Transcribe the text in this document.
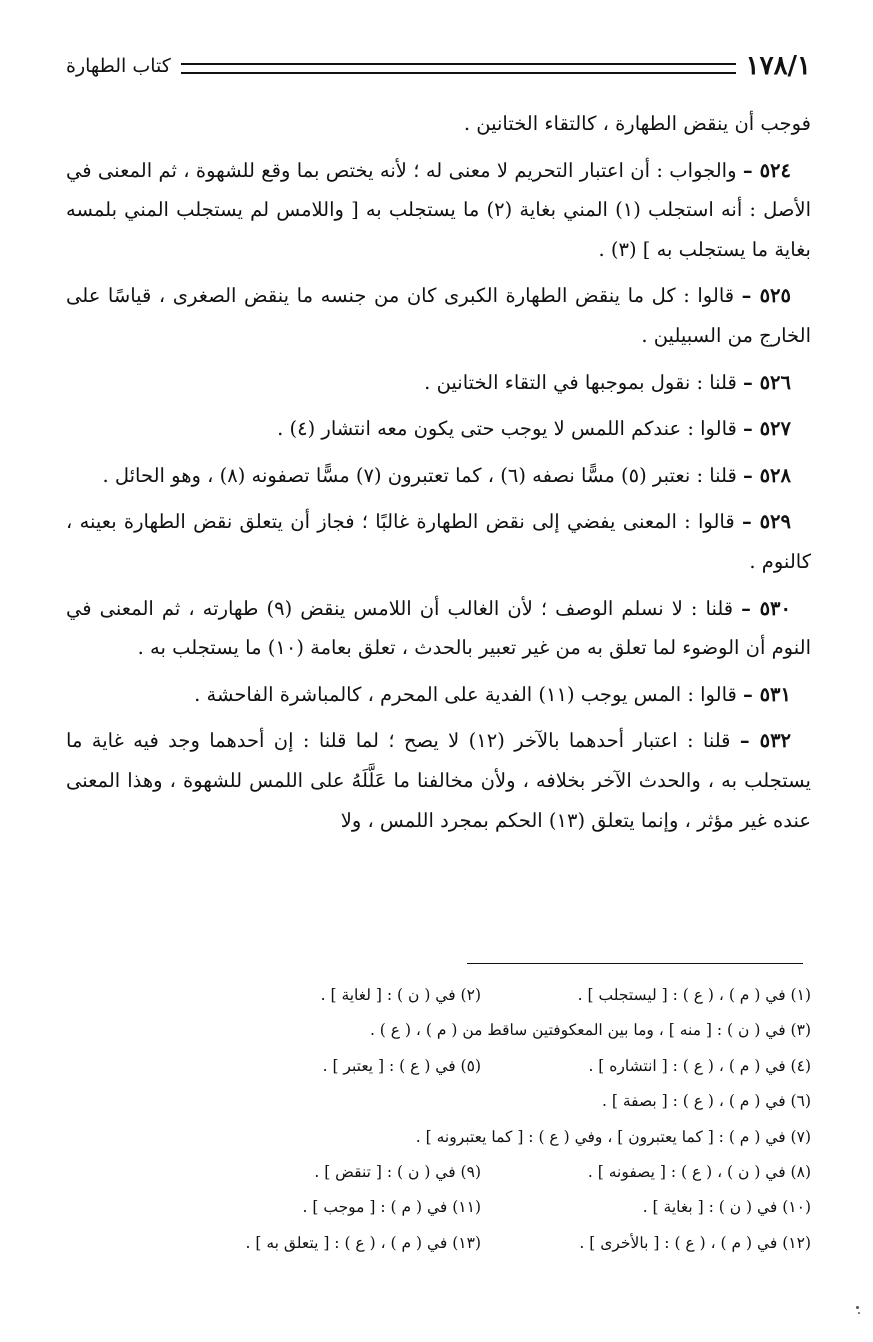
١٧٨/١
كتاب الطهارة

فوجب أن ينقض الطهارة ، كالتقاء الختانين .

٥٢٤ – والجواب : أن اعتبار التحريم لا معنى له ؛ لأنه يختص بما وقع للشهوة ، ثم المعنى في الأصل : أنه استجلب (١) المني بغاية (٢) ما يستجلب به [ واللامس لم يستجلب المني بلمسه بغاية ما يستجلب به ] (٣) .

٥٢٥ – قالوا : كل ما ينقض الطهارة الكبرى كان من جنسه ما ينقض الصغرى ، قياسًا على الخارج من السبيلين .

٥٢٦ – قلنا : نقول بموجبها في التقاء الختانين .

٥٢٧ – قالوا : عندكم اللمس لا يوجب حتى يكون معه انتشار (٤) .

٥٢٨ – قلنا : نعتبر (٥) مسًّا نصفه (٦) ، كما تعتبرون (٧) مسًّا تصفونه (٨) ، وهو الحائل .

٥٢٩ – قالوا : المعنى يفضي إلى نقض الطهارة غالبًا ؛ فجاز أن يتعلق نقض الطهارة بعينه ، كالنوم .

٥٣٠ – قلنا : لا نسلم الوصف ؛ لأن الغالب أن اللامس ينقض (٩) طهارته ، ثم المعنى في النوم أن الوضوء لما تعلق به من غير تعبير بالحدث ، تعلق بعامة (١٠) ما يستجلب به .

٥٣١ – قالوا : المس يوجب (١١) الفدية على المحرم ، كالمباشرة الفاحشة .

٥٣٢ – قلنا : اعتبار أحدهما بالآخر (١٢) لا يصح ؛ لما قلنا : إن أحدهما وجد فيه غاية ما يستجلب به ، والحدث الآخر بخلافه ، ولأن مخالفنا ما عَلَّلَهُ على اللمس للشهوة ، وهذا المعنى عنده غير مؤثر ، وإنما يتعلق (١٣) الحكم بمجرد اللمس ، ولا

(١) في ( م ) ، ( ع ) : [ ليستجلب ] .
(٢) في ( ن ) : [ لغاية ] .
(٣) في ( ن ) : [ منه ] ، وما بين المعكوفتين ساقط من ( م ) ، ( ع ) .
(٤) في ( م ) ، ( ع ) : [ انتشاره ] .
(٥) في ( ع ) : [ يعتبر ] .
(٦) في ( م ) ، ( ع ) : [ بصفة ] .
(٧) في ( م ) : [ كما يعتبرون ] ، وفي ( ع ) : [ كما يعتبرونه ] .
(٨) في ( ن ) ، ( ع ) : [ يصفونه ] .
(٩) في ( ن ) : [ تنقض ] .
(١٠) في ( ن ) : [ بغاية ] .
(١١) في ( م ) : [ موجب ] .
(١٢) في ( م ) ، ( ع ) : [ بالأخرى ] .
(١٣) في ( م ) ، ( ع ) : [ يتعلق به ] .
